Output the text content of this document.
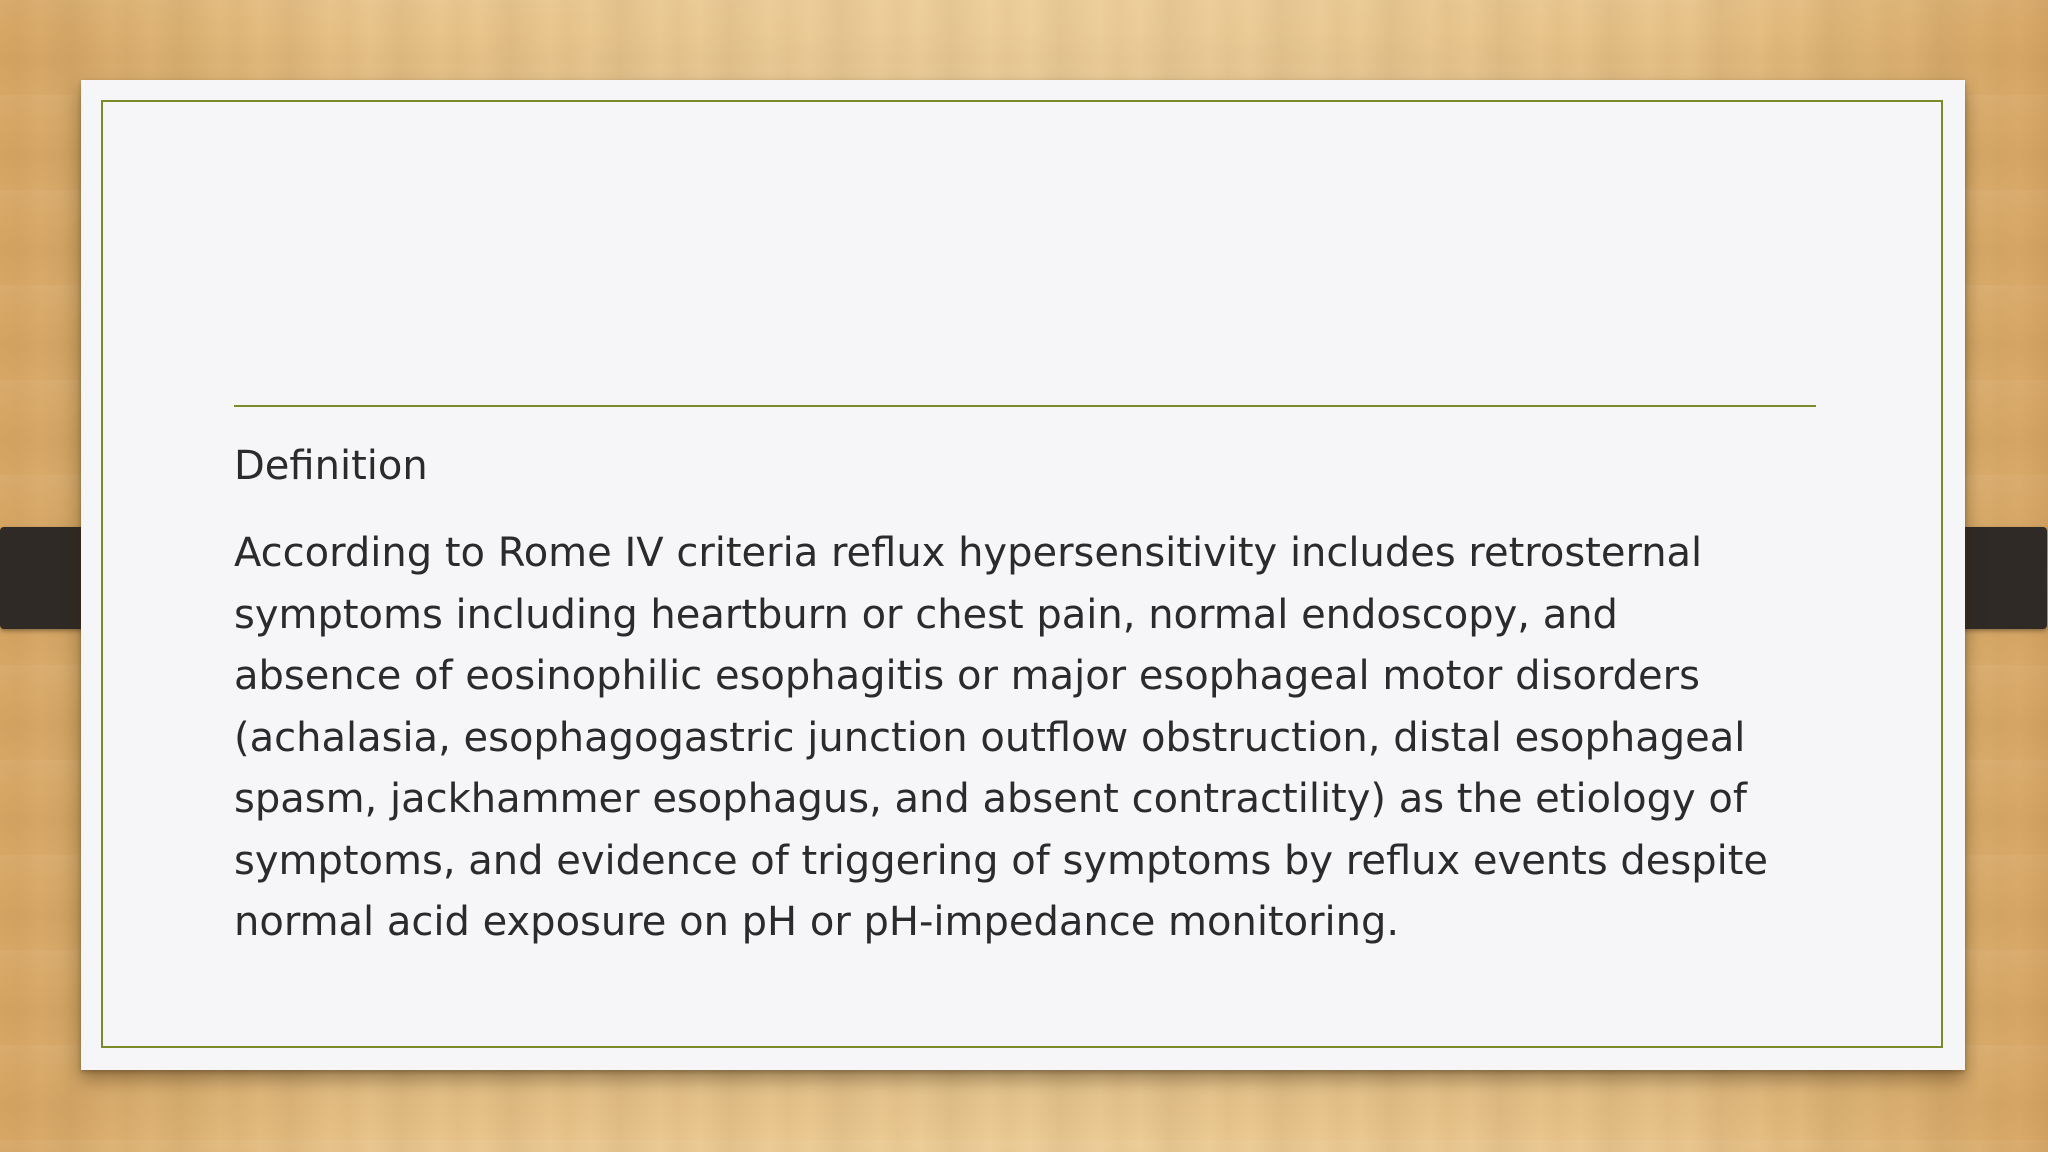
Definition
According to Rome IV criteria reflux hypersensitivity includes retrosternal
symptoms including heartburn or chest pain, normal endoscopy, and
absence of eosinophilic esophagitis or major esophageal motor disorders
(achalasia, esophagogastric junction outflow obstruction, distal esophageal
spasm, jackhammer esophagus, and absent contractility) as the etiology of
symptoms, and evidence of triggering of symptoms by reflux events despite
normal acid exposure on pH or pH-impedance monitoring.
